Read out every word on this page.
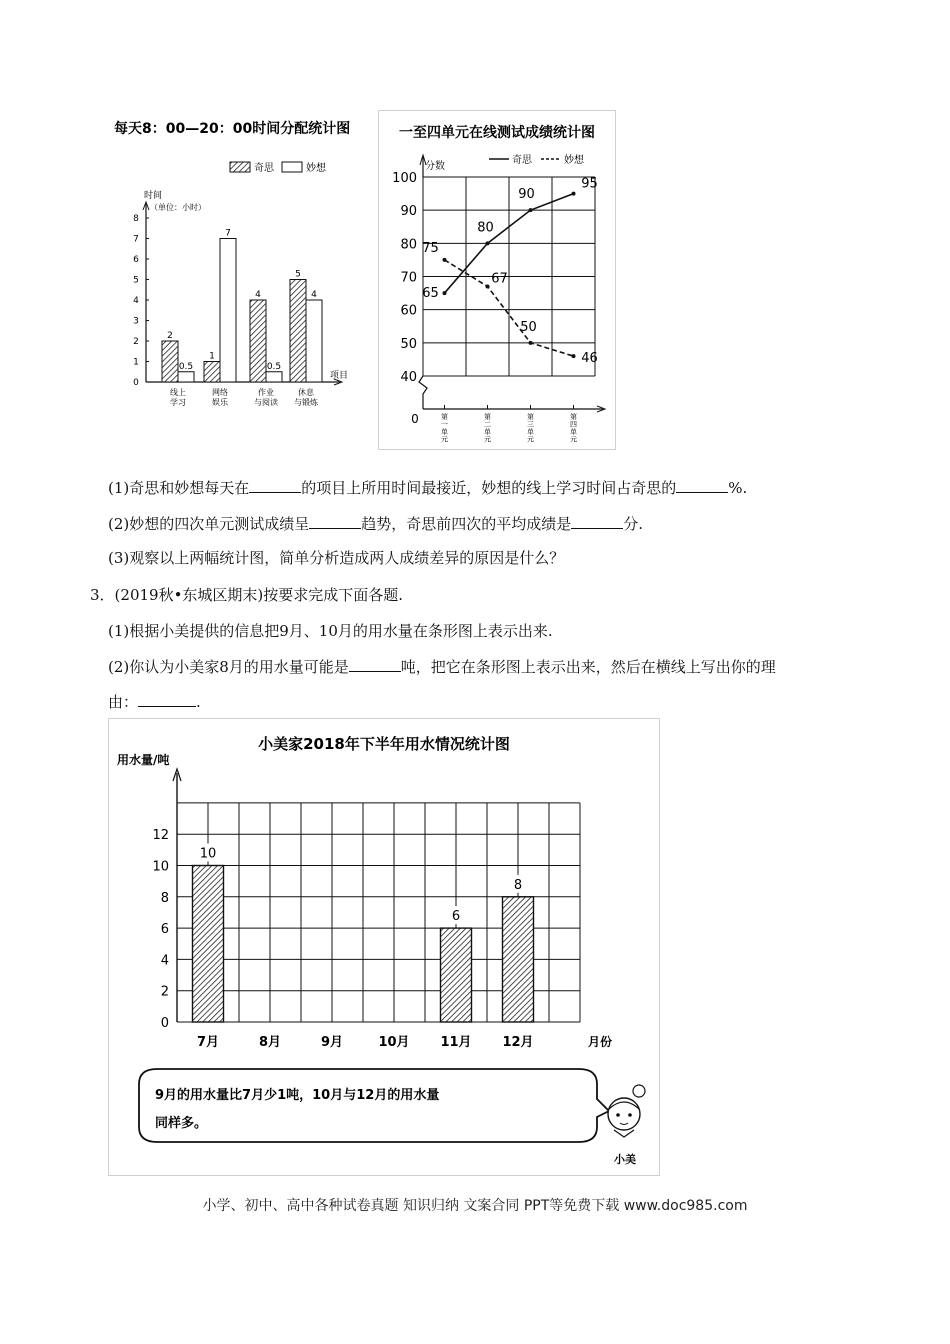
每天8：00—20：00时间分配统计图
时间
（单位：小时）
0
1
2
3
4
5
6
7
8
奇思	妙想
2
0.5
线上
学习
1
7
网络
娱乐
4
0.5
作业
与阅读
5
4
休息
与锻炼
项目
一至四单元在线测试成绩统计图
40
50
60
70
80
90
100
0
分数
奇思	妙想
第
一
单
元
第
二
单
元
第
三
单
元
第
四
单
元
65
80
90
95
75
67
50
46
(1)奇思和妙想每天在	的项目上所用时间最接近，妙想的线上学习时间占奇思的	%.
(2)妙想的四次单元测试成绩呈	趋势，奇思前四次的平均成绩是	分.
(3)观察以上两幅统计图，简单分析造成两人成绩差异的原因是什么？
3．(2019秋•东城区期末)按要求完成下面各题.
(1)根据小美提供的信息把9月、10月的用水量在条形图上表示出来.
(2)你认为小美家8月的用水量可能是	吨，把它在条形图上表示出来，然后在横线上写出你的理
由：	.
小美家2018年下半年用水情况统计图
用水量/吨
0
2
4
6
8
10
12
7月
10
8月	9月	10月 11月
6
12月
8
月份
9月的用水量比7月少1吨，10月与12月的用水量
同样多。
小美
小学、初中、高中各种试卷真题 知识归纳 文案合同 PPT等免费下载 www.doc985.com
